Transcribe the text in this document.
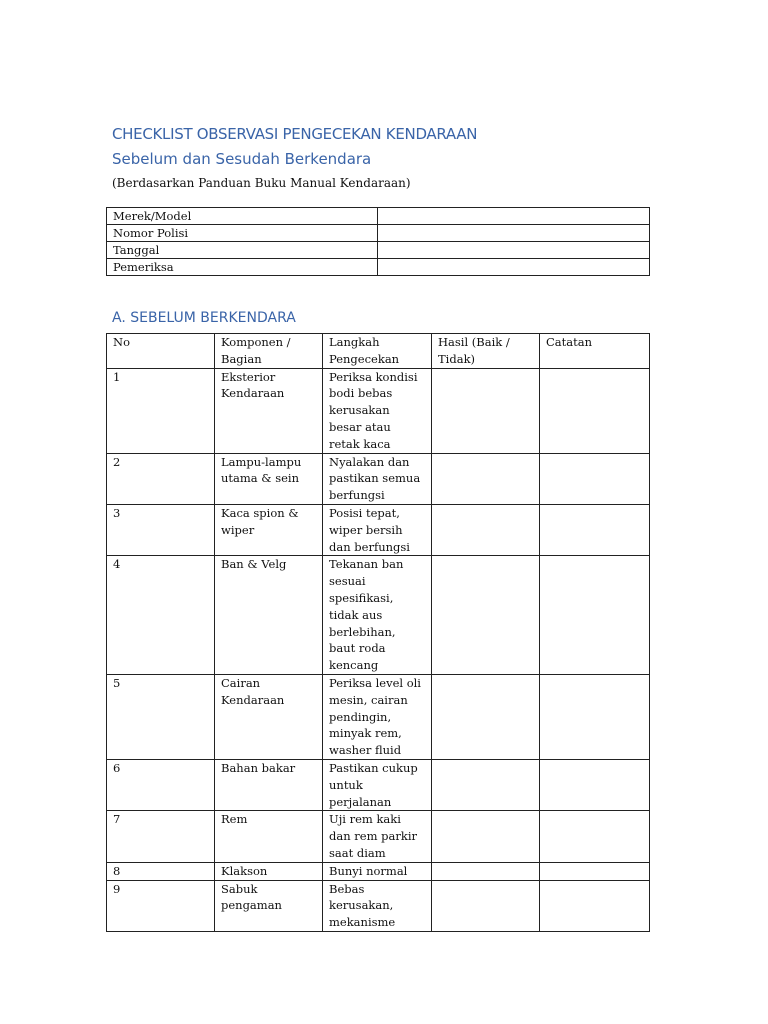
CHECKLIST OBSERVASI PENGECEKAN KENDARAAN
Sebelum dan Sesudah Berkendara
(Berdasarkan Panduan Buku Manual Kendaraan)
Merek/Model	
Nomor Polisi	
Tanggal	
Pemeriksa	
A. SEBELUM BERKENDARA
No	Komponen / Bagian	Langkah Pengecekan	Hasil (Baik / Tidak)	Catatan
1	Eksterior Kendaraan	Periksa kondisi bodi bebas kerusakan besar atau retak kaca		
2	Lampu-lampu utama & sein	Nyalakan dan pastikan semua berfungsi		
3	Kaca spion & wiper	Posisi tepat, wiper bersih dan berfungsi		
4	Ban & Velg	Tekanan ban sesuai spesifikasi, tidak aus berlebihan, baut roda kencang		
5	Cairan Kendaraan	Periksa level oli mesin, cairan pendingin, minyak rem, washer fluid		
6	Bahan bakar	Pastikan cukup untuk perjalanan		
7	Rem	Uji rem kaki dan rem parkir saat diam		
8	Klakson	Bunyi normal		
9	Sabuk pengaman	Bebas kerusakan, mekanisme		
